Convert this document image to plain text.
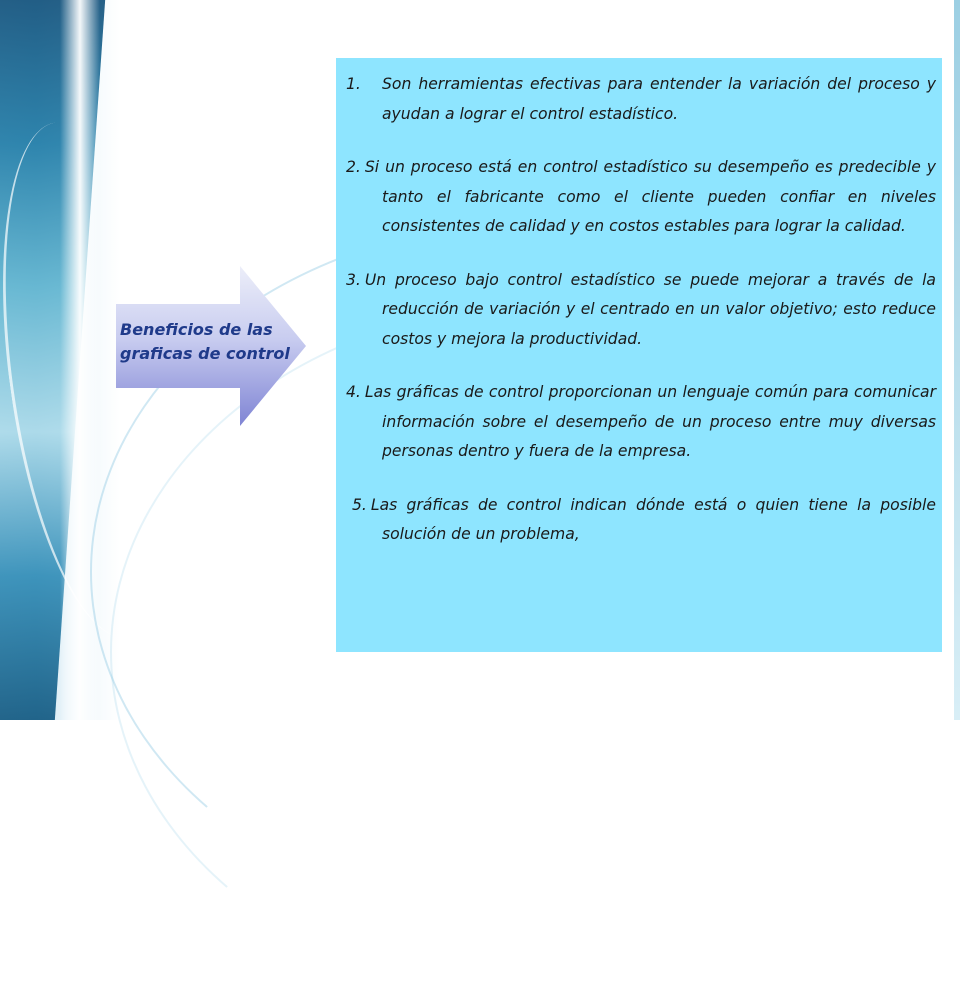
Beneficios de las
graficas de control
1. Son herramientas efectivas para entender la variación del proceso y ayudan a lograr el control estadístico.
2. Si un proceso está en control estadístico su desempeño es predecible y tanto el fabricante como el cliente pueden confiar en niveles consistentes de calidad y en costos estables para lograr la calidad.
3. Un proceso bajo control estadístico se puede mejorar a través de la reducción de variación y el centrado en un valor objetivo; esto reduce costos y mejora la productividad.
4. Las gráficas de control proporcionan un lenguaje común para comunicar información sobre el desempeño de un proceso entre muy diversas personas dentro y fuera de la empresa.
5. Las gráficas de control indican dónde está o quien tiene la posible solución de un problema,
